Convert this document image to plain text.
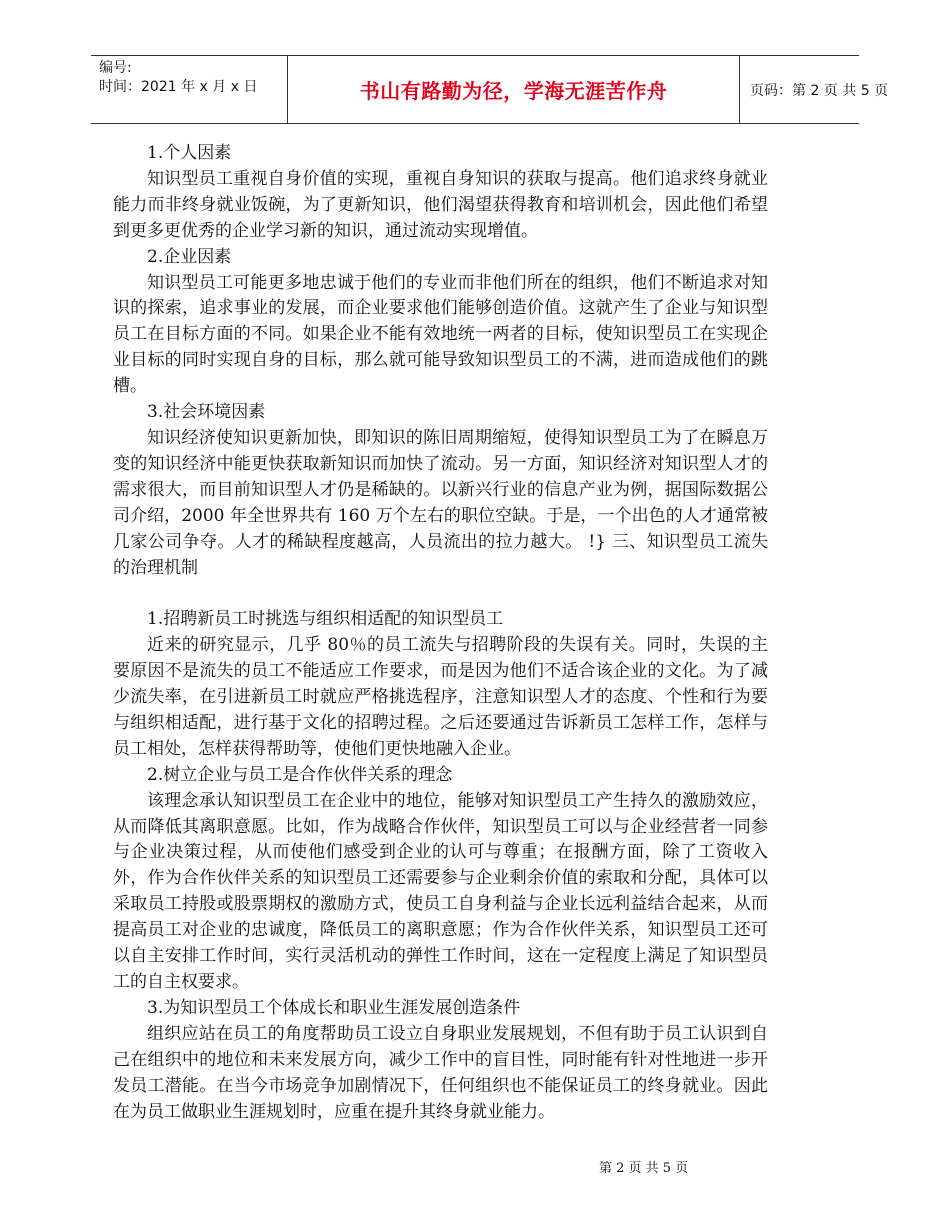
编号:
时间：2021 年 x 月 x 日	书山有路勤为径，学海无涯苦作舟	页码：第 2 页 共 5 页

1.个人因素

知识型员工重视自身价值的实现，重视自身知识的获取与提高。他们追求终身就业能力而非终身就业饭碗，为了更新知识，他们渴望获得教育和培训机会，因此他们希望到更多更优秀的企业学习新的知识，通过流动实现增值。

2.企业因素

知识型员工可能更多地忠诚于他们的专业而非他们所在的组织，他们不断追求对知识的探索，追求事业的发展，而企业要求他们能够创造价值。这就产生了企业与知识型员工在目标方面的不同。如果企业不能有效地统一两者的目标，使知识型员工在实现企业目标的同时实现自身的目标，那么就可能导致知识型员工的不满，进而造成他们的跳槽。

3.社会环境因素

知识经济使知识更新加快，即知识的陈旧周期缩短，使得知识型员工为了在瞬息万变的知识经济中能更快获取新知识而加快了流动。另一方面，知识经济对知识型人才的需求很大，而目前知识型人才仍是稀缺的。以新兴行业的信息产业为例，据国际数据公司介绍，2000 年全世界共有 160 万个左右的职位空缺。于是，一个出色的人才通常被几家公司争夺。人才的稀缺程度越高，人员流出的拉力越大。 !} 三、知识型员工流失的治理机制

1.招聘新员工时挑选与组织相适配的知识型员工

近来的研究显示，几乎 80％的员工流失与招聘阶段的失误有关。同时，失误的主要原因不是流失的员工不能适应工作要求，而是因为他们不适合该企业的文化。为了减少流失率，在引进新员工时就应严格挑选程序，注意知识型人才的态度、个性和行为要与组织相适配，进行基于文化的招聘过程。之后还要通过告诉新员工怎样工作，怎样与员工相处，怎样获得帮助等，使他们更快地融入企业。

2.树立企业与员工是合作伙伴关系的理念

该理念承认知识型员工在企业中的地位，能够对知识型员工产生持久的激励效应，从而降低其离职意愿。比如，作为战略合作伙伴，知识型员工可以与企业经营者一同参与企业决策过程，从而使他们感受到企业的认可与尊重；在报酬方面，除了工资收入外，作为合作伙伴关系的知识型员工还需要参与企业剩余价值的索取和分配，具体可以采取员工持股或股票期权的激励方式，使员工自身利益与企业长远利益结合起来，从而提高员工对企业的忠诚度，降低员工的离职意愿；作为合作伙伴关系，知识型员工还可以自主安排工作时间，实行灵活机动的弹性工作时间，这在一定程度上满足了知识型员工的自主权要求。

3.为知识型员工个体成长和职业生涯发展创造条件

组织应站在员工的角度帮助员工设立自身职业发展规划，不但有助于员工认识到自己在组织中的地位和未来发展方向，减少工作中的盲目性，同时能有针对性地进一步开发员工潜能。在当今市场竞争加剧情况下，任何组织也不能保证员工的终身就业。因此在为员工做职业生涯规划时，应重在提升其终身就业能力。

第 2 页 共 5 页
